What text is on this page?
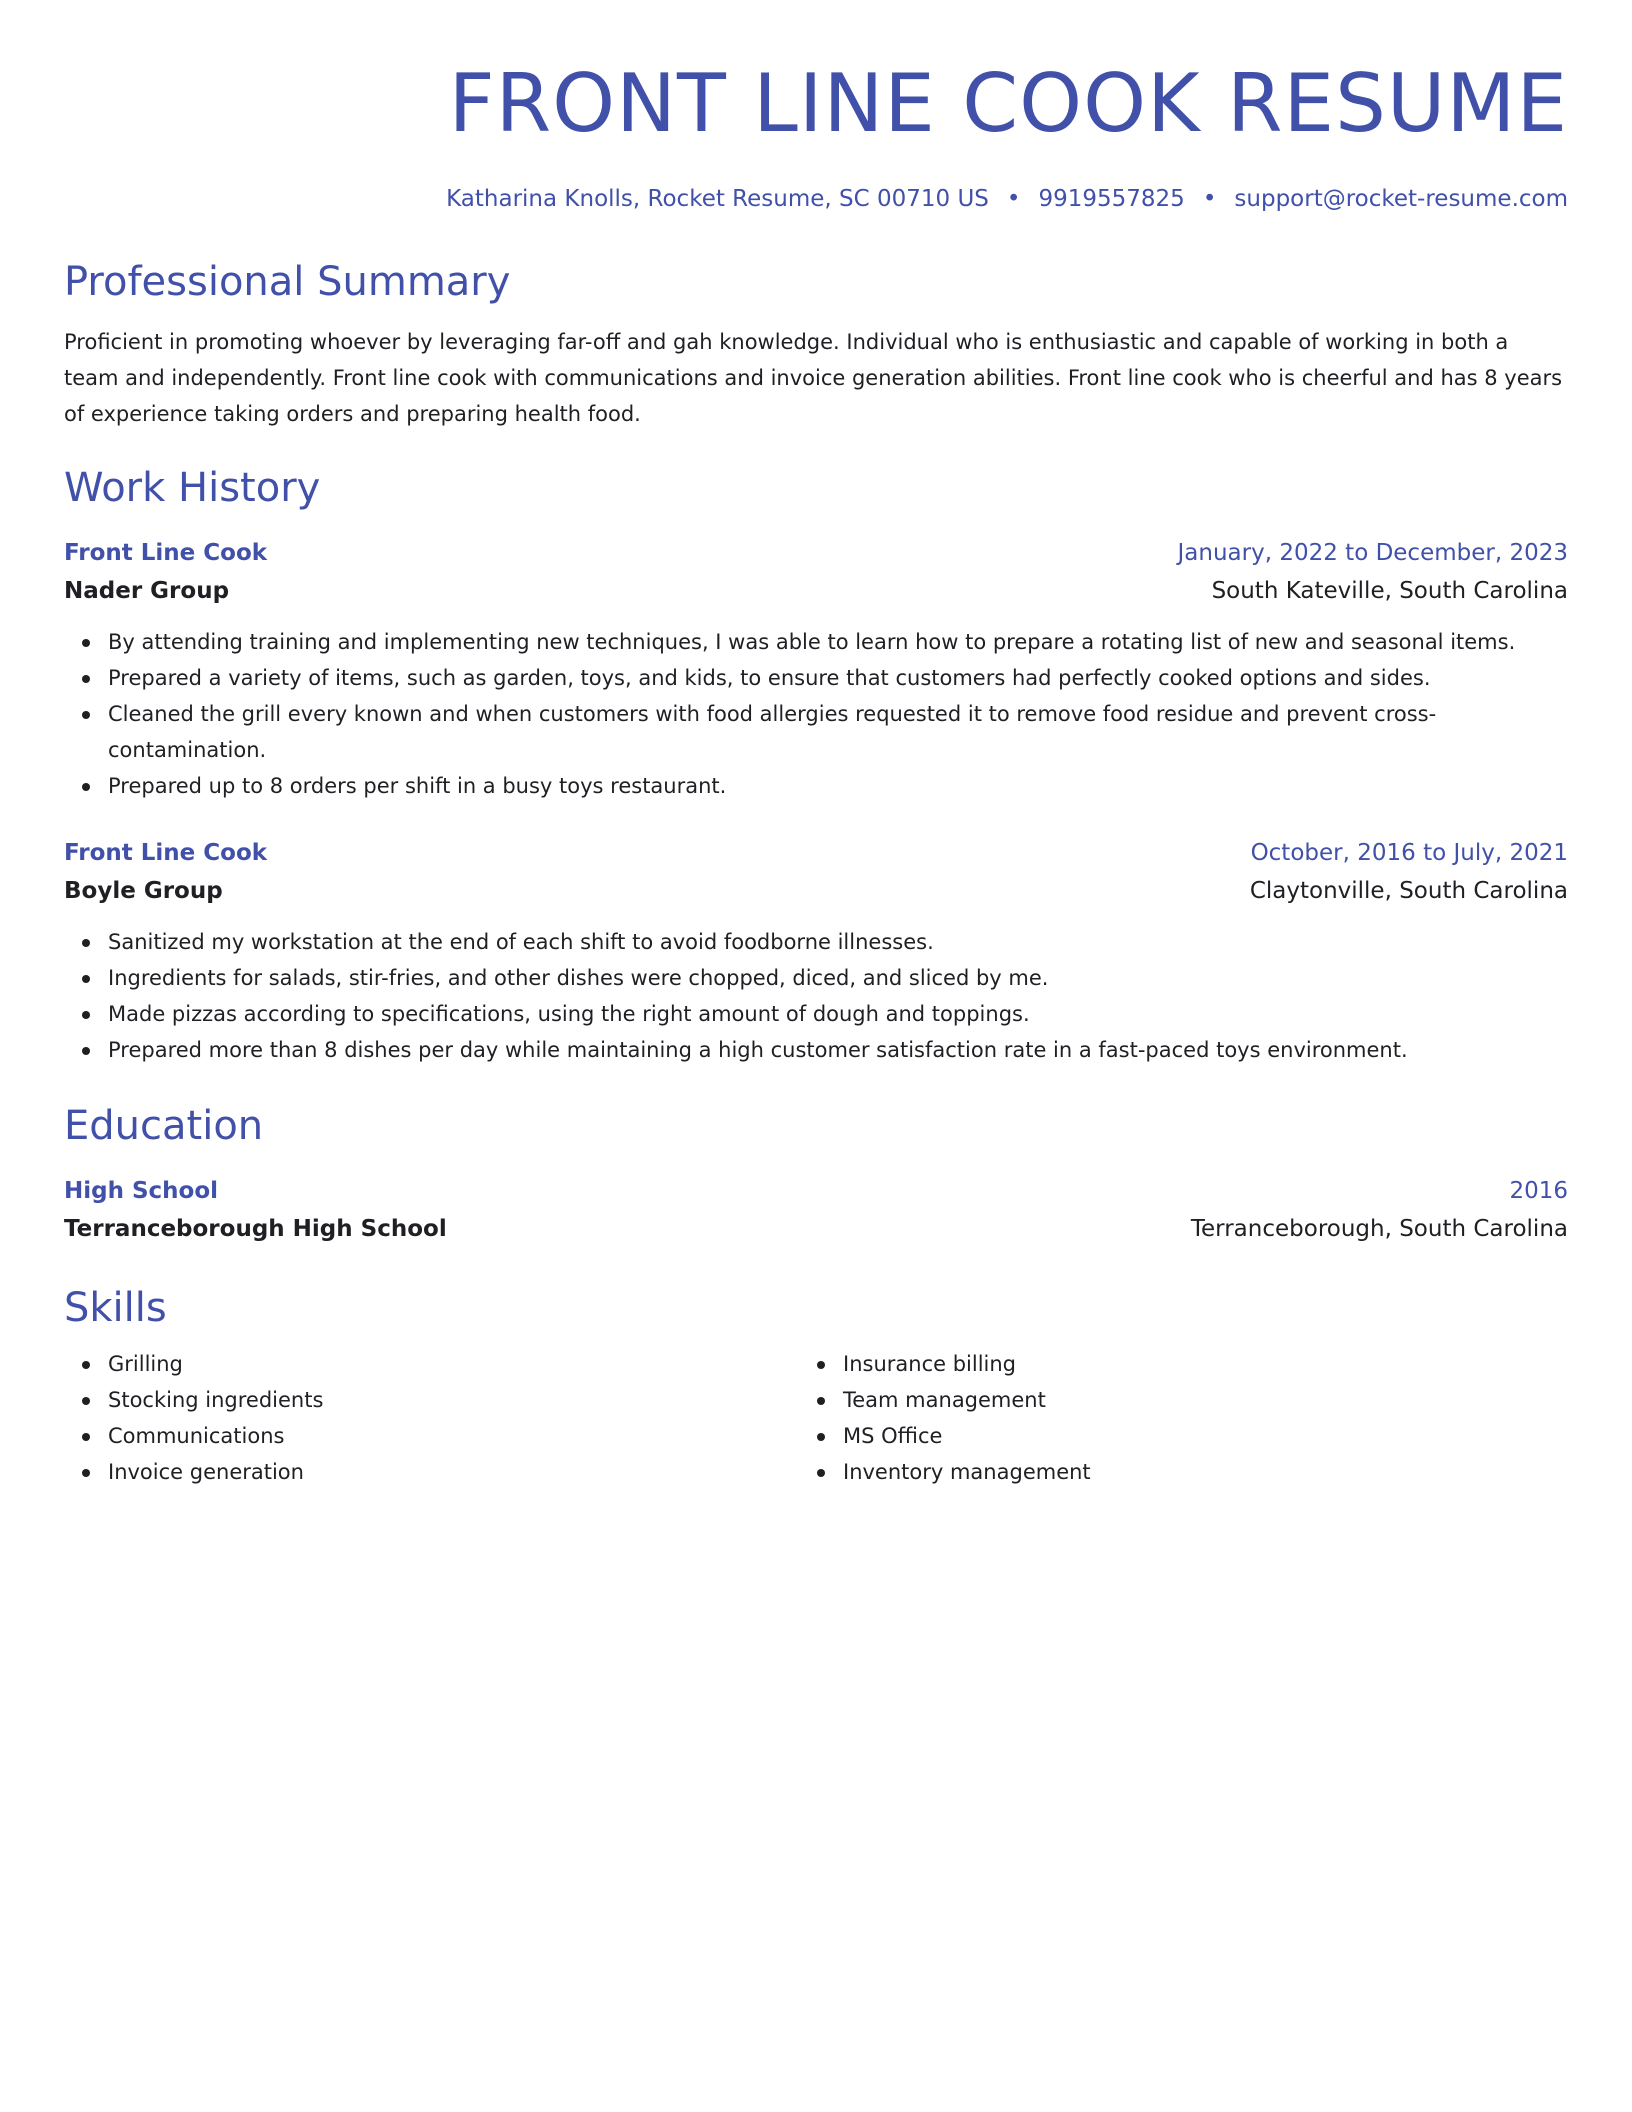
FRONT LINE COOK RESUME
Katharina Knolls, Rocket Resume, SC 00710 US • 9919557825 • support@rocket-resume.com
Professional Summary
Proficient in promoting whoever by leveraging far-off and gah knowledge. Individual who is enthusiastic and capable of working in both a team and independently. Front line cook with communications and invoice generation abilities. Front line cook who is cheerful and has 8 years of experience taking orders and preparing health food.
Work History
Front Line Cook	January, 2022 to December, 2023
Nader Group	South Kateville, South Carolina
By attending training and implementing new techniques, I was able to learn how to prepare a rotating list of new and seasonal items.
Prepared a variety of items, such as garden, toys, and kids, to ensure that customers had perfectly cooked options and sides.
Cleaned the grill every known and when customers with food allergies requested it to remove food residue and prevent cross-contamination.
Prepared up to 8 orders per shift in a busy toys restaurant.
Front Line Cook	October, 2016 to July, 2021
Boyle Group	Claytonville, South Carolina
Sanitized my workstation at the end of each shift to avoid foodborne illnesses.
Ingredients for salads, stir-fries, and other dishes were chopped, diced, and sliced by me.
Made pizzas according to specifications, using the right amount of dough and toppings.
Prepared more than 8 dishes per day while maintaining a high customer satisfaction rate in a fast-paced toys environment.
Education
High School	2016
Terranceborough High School	Terranceborough, South Carolina
Skills
Grilling
Stocking ingredients
Communications
Invoice generation
Insurance billing
Team management
MS Office
Inventory management
